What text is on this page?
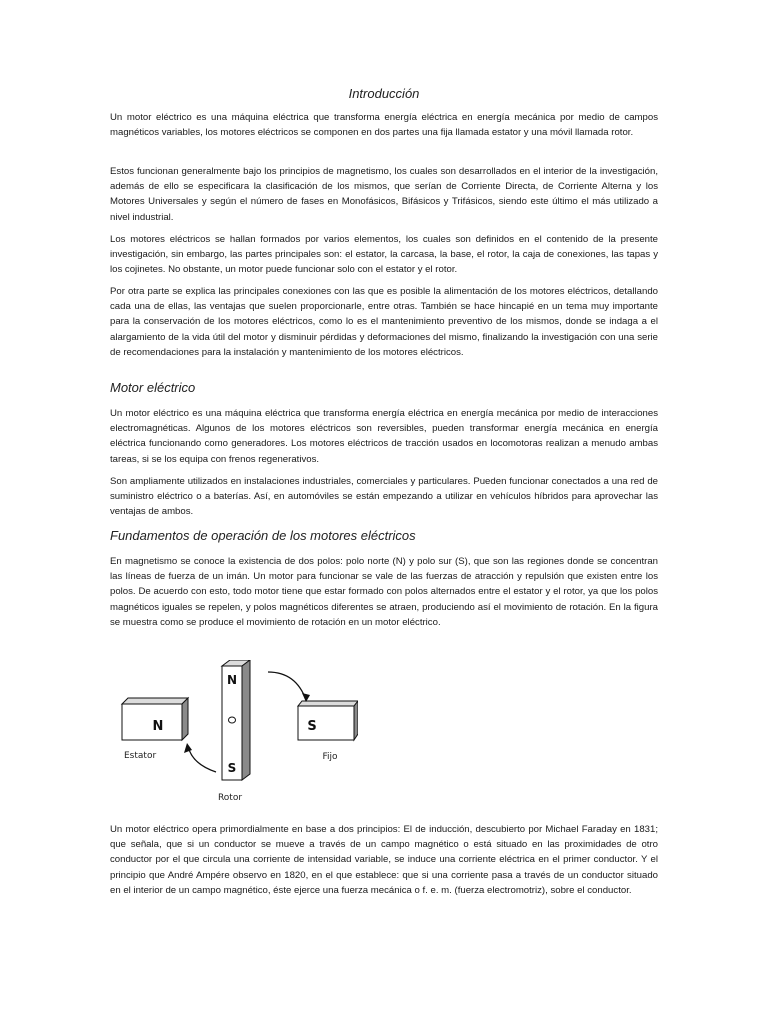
Introducción

Un motor eléctrico es una máquina eléctrica que transforma energía eléctrica en energía mecánica por medio de campos magnéticos variables, los motores eléctricos se componen en dos partes una fija llamada estator y una móvil llamada rotor.

Estos funcionan generalmente bajo los principios de magnetismo, los cuales son desarrollados en el interior de la investigación, además de ello se especificara la clasificación de los mismos, que serían de Corriente Directa, de Corriente Alterna y los Motores Universales y según el número de fases en Monofásicos, Bifásicos y Trifásicos, siendo este último el más utilizado a nivel industrial.

Los motores eléctricos se hallan formados por varios elementos, los cuales son definidos en el contenido de la presente investigación, sin embargo, las partes principales son: el estator, la carcasa, la base, el rotor, la caja de conexiones, las tapas y los cojinetes. No obstante, un motor puede funcionar solo con el estator y el rotor.

Por otra parte se explica las principales conexiones con las que es posible la alimentación de los motores eléctricos, detallando cada una de ellas, las ventajas que suelen proporcionarle, entre otras. También se hace hincapié en un tema muy importante para la conservación de los motores eléctricos, como lo es el mantenimiento preventivo de los mismos, donde se indaga a el alargamiento de la vida útil del motor y disminuir pérdidas y deformaciones del mismo, finalizando la investigación con una serie de recomendaciones para la instalación y mantenimiento de los motores eléctricos.

Motor eléctrico

Un motor eléctrico es una máquina eléctrica que transforma energía eléctrica en energía mecánica por medio de interacciones electromagnéticas. Algunos de los motores eléctricos son reversibles, pueden transformar energía mecánica en energía eléctrica funcionando como generadores. Los motores eléctricos de tracción usados en locomotoras realizan a menudo ambas tareas, si se los equipa con frenos regenerativos.

Son ampliamente utilizados en instalaciones industriales, comerciales y particulares. Pueden funcionar conectados a una red de suministro eléctrico o a baterías. Así, en automóviles se están empezando a utilizar en vehículos híbridos para aprovechar las ventajas de ambos.

Fundamentos de operación de los motores eléctricos

En magnetismo se conoce la existencia de dos polos: polo norte (N) y polo sur (S), que son las regiones donde se concentran las líneas de fuerza de un imán. Un motor para funcionar se vale de las fuerzas de atracción y repulsión que existen entre los polos. De acuerdo con esto, todo motor tiene que estar formado con polos alternados entre el estator y el rotor, ya que los polos magnéticos iguales se repelen, y polos magnéticos diferentes se atraen, produciendo así el movimiento de rotación. En la figura se muestra como se produce el movimiento de rotación en un motor eléctrico.

N
Estator
N
S
Rotor
S
Fijo

Un motor eléctrico opera primordialmente en base a dos principios: El de inducción, descubierto por Michael Faraday en 1831; que señala, que si un conductor se mueve a través de un campo magnético o está situado en las proximidades de otro conductor por el que circula una corriente de intensidad variable, se induce una corriente eléctrica en el primer conductor. Y el principio que André Ampére observo en 1820, en el que establece: que si una corriente pasa a través de un conductor situado en el interior de un campo magnético, éste ejerce una fuerza mecánica o f. e. m. (fuerza electromotriz), sobre el conductor.
